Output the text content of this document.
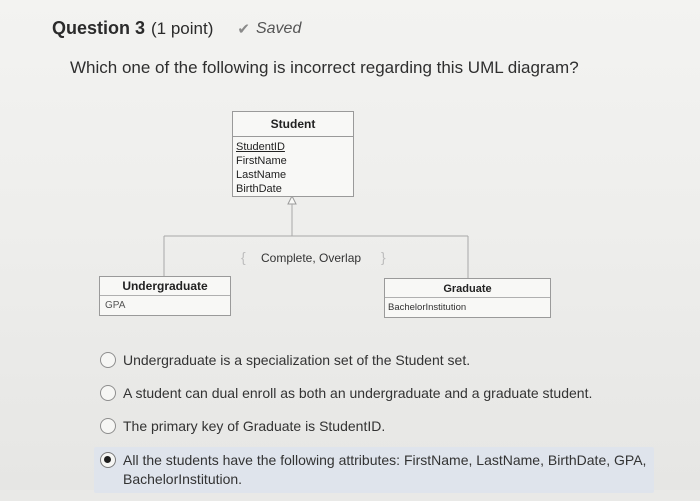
Question 3 (1 point) ✔ Saved
Which one of the following is incorrect regarding this UML diagram?
Student
StudentID
FirstName
LastName
BirthDate
{ Complete, Overlap }
Undergraduate
GPA
Graduate
BachelorInstitution
Undergraduate is a specialization set of the Student set.
A student can dual enroll as both an undergraduate and a graduate student.
The primary key of Graduate is StudentID.
All the students have the following attributes: FirstName, LastName, BirthDate, GPA, BachelorInstitution.
